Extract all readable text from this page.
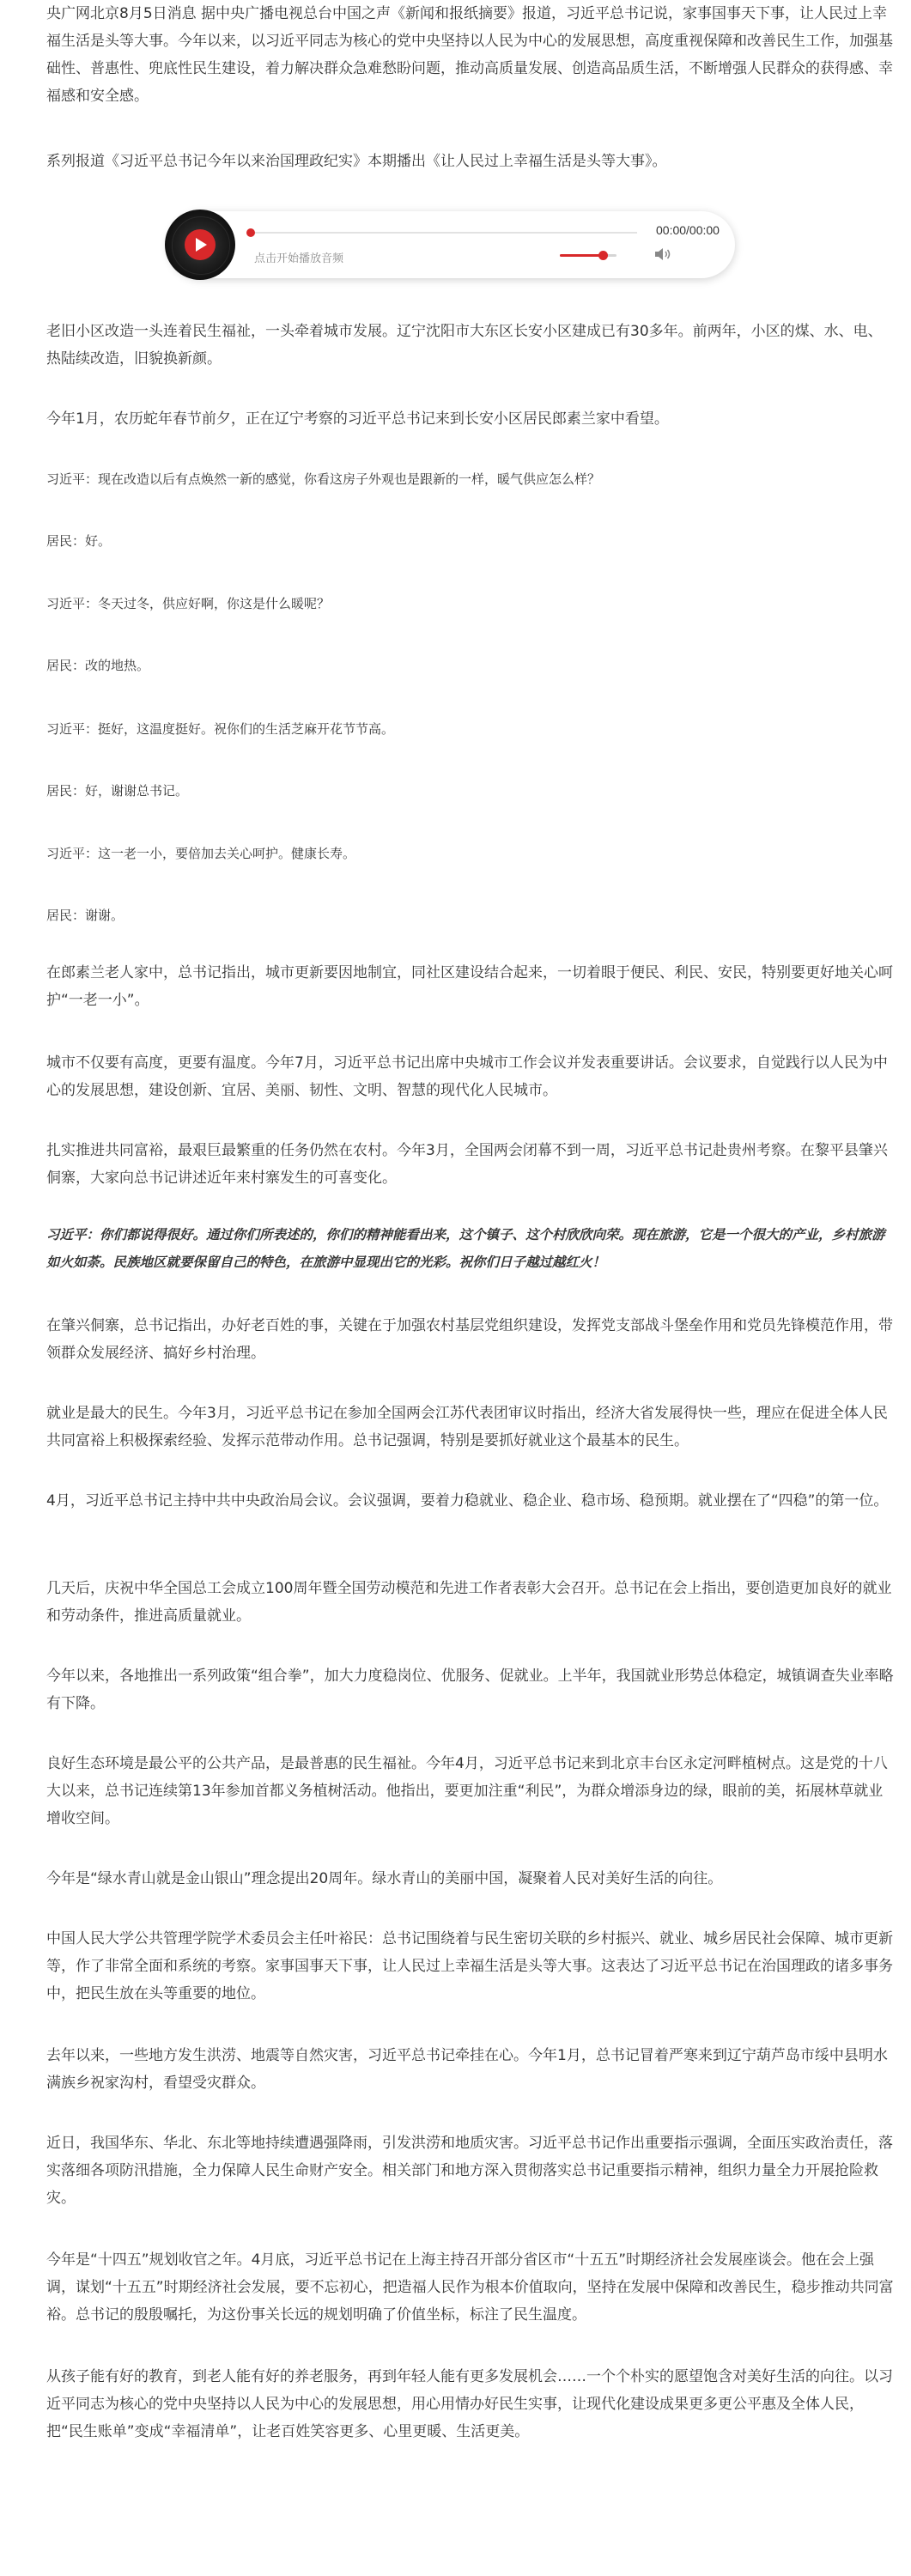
央广网北京8月5日消息 据中央广播电视总台中国之声《新闻和报纸摘要》报道，习近平总书记说，家事国事天下事，让人民过上幸福生活是头等大事。今年以来，以习近平同志为核心的党中央坚持以人民为中心的发展思想，高度重视保障和改善民生工作，加强基础性、普惠性、兜底性民生建设，着力解决群众急难愁盼问题，推动高质量发展、创造高品质生活，不断增强人民群众的获得感、幸福感和安全感。

系列报道《习近平总书记今年以来治国理政纪实》本期播出《让人民过上幸福生活是头等大事》。

老旧小区改造一头连着民生福祉，一头牵着城市发展。辽宁沈阳市大东区长安小区建成已有30多年。前两年，小区的煤、水、电、热陆续改造，旧貌换新颜。

今年1月，农历蛇年春节前夕，正在辽宁考察的习近平总书记来到长安小区居民郎素兰家中看望。

习近平：现在改造以后有点焕然一新的感觉，你看这房子外观也是跟新的一样，暖气供应怎么样？

居民：好。

习近平：冬天过冬，供应好啊，你这是什么暖呢？

居民：改的地热。

习近平：挺好，这温度挺好。祝你们的生活芝麻开花节节高。

居民：好，谢谢总书记。

习近平：这一老一小，要倍加去关心呵护。健康长寿。

居民：谢谢。

在郎素兰老人家中，总书记指出，城市更新要因地制宜，同社区建设结合起来，一切着眼于便民、利民、安民，特别要更好地关心呵护“一老一小”。

城市不仅要有高度，更要有温度。今年7月，习近平总书记出席中央城市工作会议并发表重要讲话。会议要求，自觉践行以人民为中心的发展思想，建设创新、宜居、美丽、韧性、文明、智慧的现代化人民城市。

扎实推进共同富裕，最艰巨最繁重的任务仍然在农村。今年3月，全国两会闭幕不到一周，习近平总书记赴贵州考察。在黎平县肇兴侗寨，大家向总书记讲述近年来村寨发生的可喜变化。

习近平：你们都说得很好。通过你们所表述的，你们的精神能看出来，这个镇子、这个村欣欣向荣。现在旅游，它是一个很大的产业，乡村旅游如火如荼。民族地区就要保留自己的特色，在旅游中显现出它的光彩。祝你们日子越过越红火！

在肇兴侗寨，总书记指出，办好老百姓的事，关键在于加强农村基层党组织建设，发挥党支部战斗堡垒作用和党员先锋模范作用，带领群众发展经济、搞好乡村治理。

就业是最大的民生。今年3月，习近平总书记在参加全国两会江苏代表团审议时指出，经济大省发展得快一些，理应在促进全体人民共同富裕上积极探索经验、发挥示范带动作用。总书记强调，特别是要抓好就业这个最基本的民生。

4月，习近平总书记主持中共中央政治局会议。会议强调，要着力稳就业、稳企业、稳市场、稳预期。就业摆在了“四稳”的第一位。

几天后，庆祝中华全国总工会成立100周年暨全国劳动模范和先进工作者表彰大会召开。总书记在会上指出，要创造更加良好的就业和劳动条件，推进高质量就业。

今年以来，各地推出一系列政策“组合拳”，加大力度稳岗位、优服务、促就业。上半年，我国就业形势总体稳定，城镇调查失业率略有下降。

良好生态环境是最公平的公共产品，是最普惠的民生福祉。今年4月，习近平总书记来到北京丰台区永定河畔植树点。这是党的十八大以来，总书记连续第13年参加首都义务植树活动。他指出，要更加注重“利民”，为群众增添身边的绿，眼前的美，拓展林草就业增收空间。

今年是“绿水青山就是金山银山”理念提出20周年。绿水青山的美丽中国，凝聚着人民对美好生活的向往。

中国人民大学公共管理学院学术委员会主任叶裕民：总书记围绕着与民生密切关联的乡村振兴、就业、城乡居民社会保障、城市更新等，作了非常全面和系统的考察。家事国事天下事，让人民过上幸福生活是头等大事。这表达了习近平总书记在治国理政的诸多事务中，把民生放在头等重要的地位。

去年以来，一些地方发生洪涝、地震等自然灾害，习近平总书记牵挂在心。今年1月，总书记冒着严寒来到辽宁葫芦岛市绥中县明水满族乡祝家沟村，看望受灾群众。

近日，我国华东、华北、东北等地持续遭遇强降雨，引发洪涝和地质灾害。习近平总书记作出重要指示强调，全面压实政治责任，落实落细各项防汛措施，全力保障人民生命财产安全。相关部门和地方深入贯彻落实总书记重要指示精神，组织力量全力开展抢险救灾。

今年是“十四五”规划收官之年。4月底，习近平总书记在上海主持召开部分省区市“十五五”时期经济社会发展座谈会。他在会上强调，谋划“十五五”时期经济社会发展，要不忘初心，把造福人民作为根本价值取向，坚持在发展中保障和改善民生，稳步推动共同富裕。总书记的殷殷嘱托，为这份事关长远的规划明确了价值坐标，标注了民生温度。

从孩子能有好的教育，到老人能有好的养老服务，再到年轻人能有更多发展机会……一个个朴实的愿望饱含对美好生活的向往。以习近平同志为核心的党中央坚持以人民为中心的发展思想，用心用情办好民生实事，让现代化建设成果更多更公平惠及全体人民，把“民生账单”变成“幸福清单”，让老百姓笑容更多、心里更暖、生活更美。

00:00/00:00
点击开始播放音频
